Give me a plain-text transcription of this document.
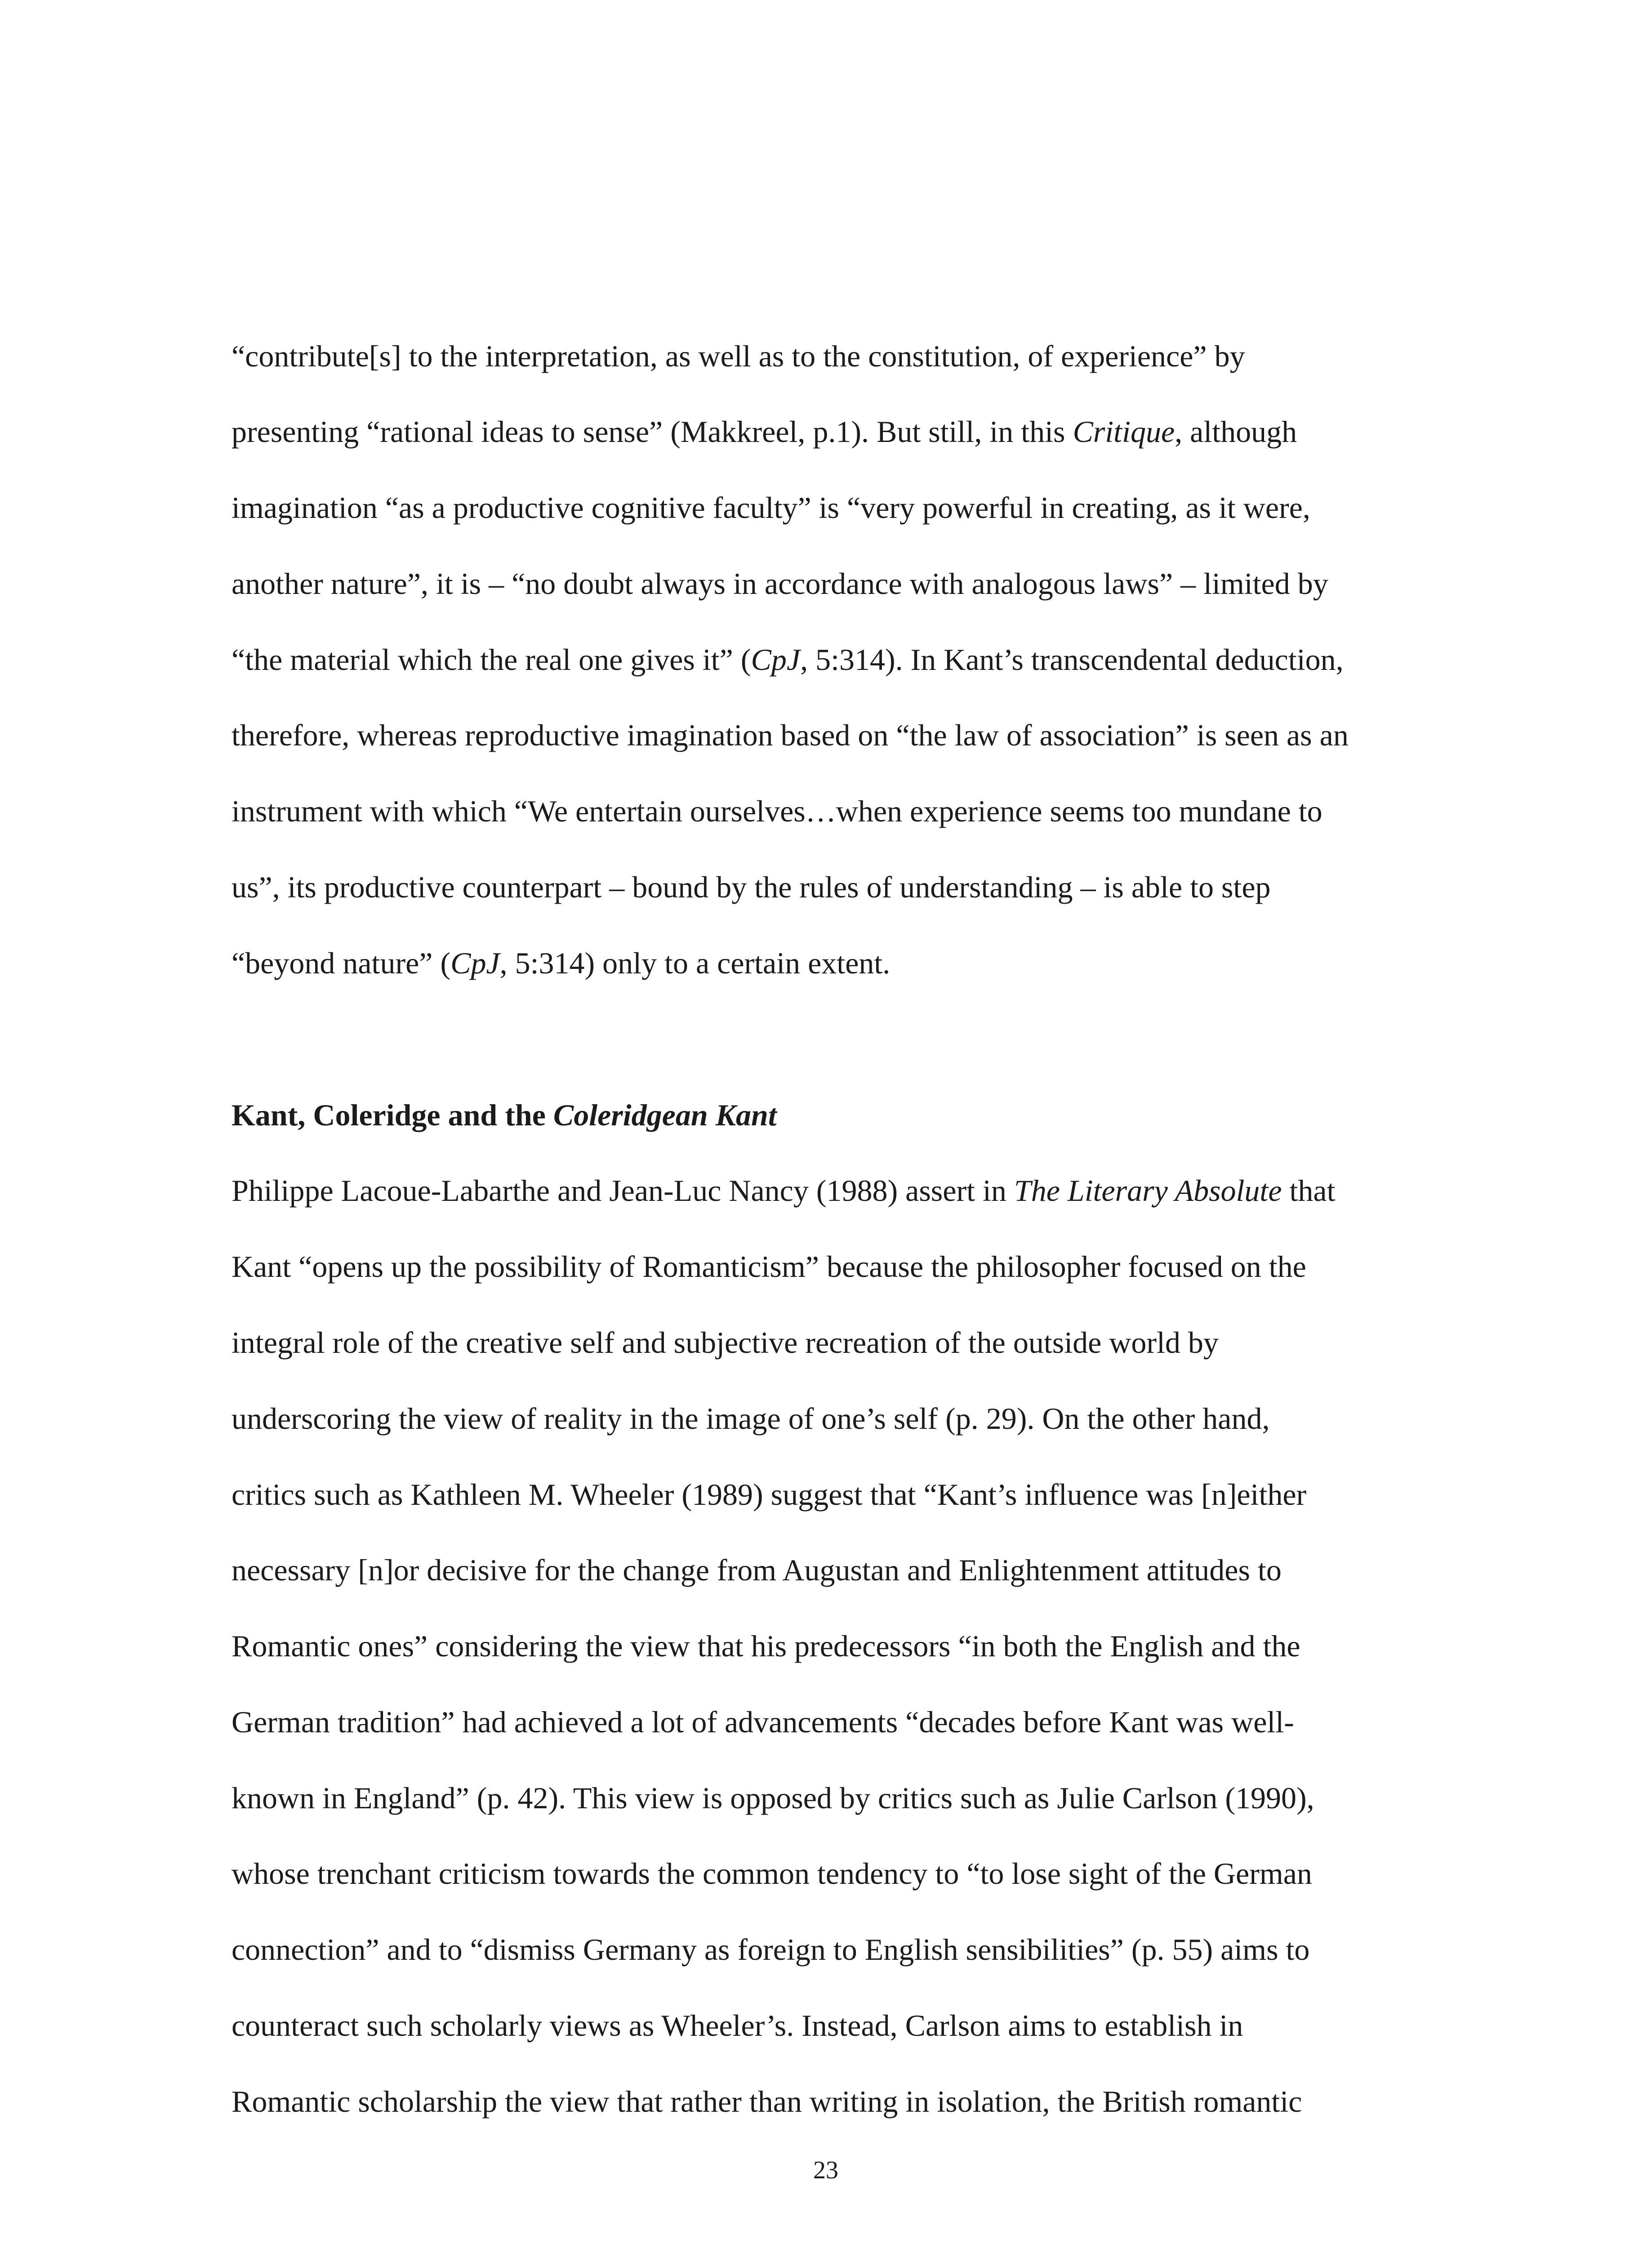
“contribute[s] to the interpretation, as well as to the constitution, of experience” by

presenting “rational ideas to sense” (Makkreel, p.1). But still, in this Critique, although

imagination “as a productive cognitive faculty” is “very powerful in creating, as it were,

another nature”, it is – “no doubt always in accordance with analogous laws” – limited by

“the material which the real one gives it” (CpJ, 5:314). In Kant’s transcendental deduction,

therefore, whereas reproductive imagination based on “the law of association” is seen as an

instrument with which “We entertain ourselves…when experience seems too mundane to

us”, its productive counterpart – bound by the rules of understanding – is able to step

“beyond nature” (CpJ, 5:314) only to a certain extent.

Kant, Coleridge and the Coleridgean Kant

Philippe Lacoue-Labarthe and Jean-Luc Nancy (1988) assert in The Literary Absolute that

Kant “opens up the possibility of Romanticism” because the philosopher focused on the

integral role of the creative self and subjective recreation of the outside world by

underscoring the view of reality in the image of one’s self (p. 29). On the other hand,

critics such as Kathleen M. Wheeler (1989) suggest that “Kant’s influence was [n]either

necessary [n]or decisive for the change from Augustan and Enlightenment attitudes to

Romantic ones” considering the view that his predecessors “in both the English and the

German tradition” had achieved a lot of advancements “decades before Kant was well-

known in England” (p. 42). This view is opposed by critics such as Julie Carlson (1990),

whose trenchant criticism towards the common tendency to “to lose sight of the German

connection” and to “dismiss Germany as foreign to English sensibilities” (p. 55) aims to

counteract such scholarly views as Wheeler’s. Instead, Carlson aims to establish in

Romantic scholarship the view that rather than writing in isolation, the British romantic

23
